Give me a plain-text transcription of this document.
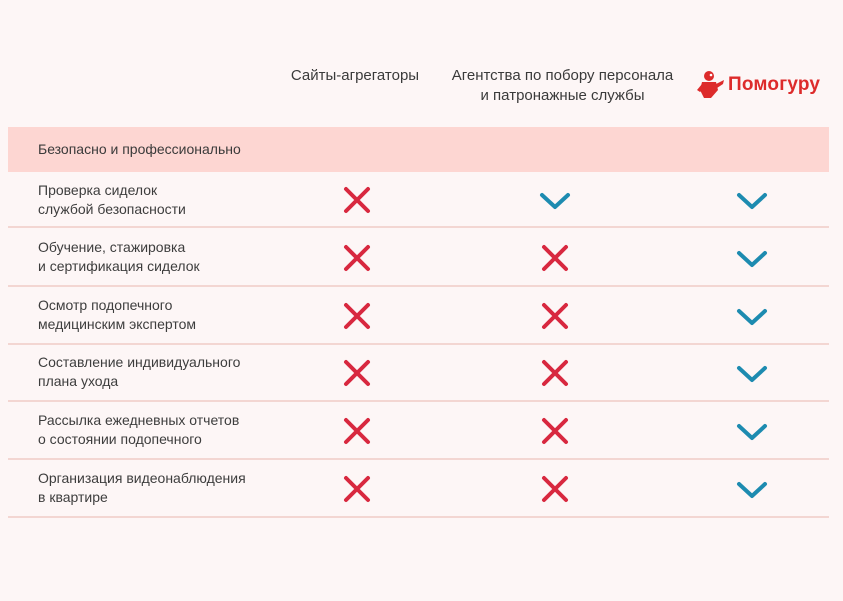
Сайты-агрегаторы	Агентства по побору персонала
и патронажные службы
Помогуру
Безопасно и профессионально
Проверка сиделок
службой безопасности
Обучение, стажировка
и сертификация сиделок
Осмотр подопечного
медицинским экспертом
Составление индивидуального
плана ухода
Рассылка ежедневных отчетов
о состоянии подопечного
Организация видеонаблюдения
в квартире
